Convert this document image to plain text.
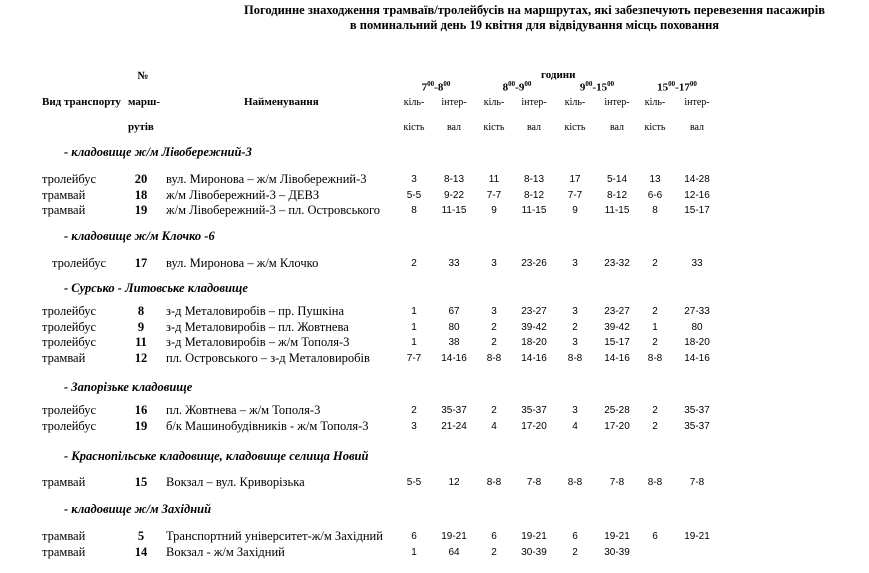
Погодинне знаходження трамваїв/тролейбусів на маршрутах, які забезпечують перевезення пасажирів
в поминальний день 19 квітня для відвідування місць поховання
Вид транспорту
№
марш-
рутів
Найменування
години
$7^{00}-8^{00}$
кіль-
кість
інтер-
вал
$8^{00}-9^{00}$
кіль-
кість
інтер-
вал
$9^{00}-15^{00}$
кіль-
кість
інтер-
вал
$15^{00}-17^{00}$
кіль-
кість
інтер-
вал
- кладовище ж/м Лівобережний-3
тролейбус	20	вул. Миронова – ж/м Лівобережний-3	3	8-13	11	8-13	17	5-14	13	14-28
трамвай	18	ж/м Лівобережний-3 – ДЕВЗ	5-5	9-22	7-7	8-12	7-7	8-12	6-6	12-16
трамвай	19	ж/м Лівобережний-3 – пл. Островського	8	11-15	9	11-15	9	11-15	8	15-17
- кладовище ж/м Клочко -6
тролейбус	17	вул. Миронова – ж/м Клочко	2	33	3	23-26	3	23-32	2	33
- Сурсько - Литовське кладовище
тролейбус	8	з-д Металовиробів – пр. Пушкіна	1	67	3	23-27	3	23-27	2	27-33
тролейбус	9	з-д Металовиробів – пл. Жовтнева	1	80	2	39-42	2	39-42	1	80
тролейбус	11	з-д Металовиробів – ж/м Тополя-3	1	38	2	18-20	3	15-17	2	18-20
трамвай	12	пл. Островського – з-д Металовиробів	7-7	14-16	8-8	14-16	8-8	14-16	8-8	14-16
- Запорізьке кладовище
тролейбус	16	пл. Жовтнева – ж/м Тополя-3	2	35-37	2	35-37	3	25-28	2	35-37
тролейбус	19	б/к Машинобудівників - ж/м Тополя-3	3	21-24	4	17-20	4	17-20	2	35-37
- Краснопільське кладовище, кладовище селища Новий
трамвай	15	Вокзал – вул. Криворізька	5-5	12	8-8	7-8	8-8	7-8	8-8	7-8
- кладовище ж/м Західний
трамвай	5	Транспортний університет-ж/м Західний	6	19-21	6	19-21	6	19-21	6	19-21
трамвай	14	Вокзал - ж/м Західний	1	64	2	30-39	2	30-39
